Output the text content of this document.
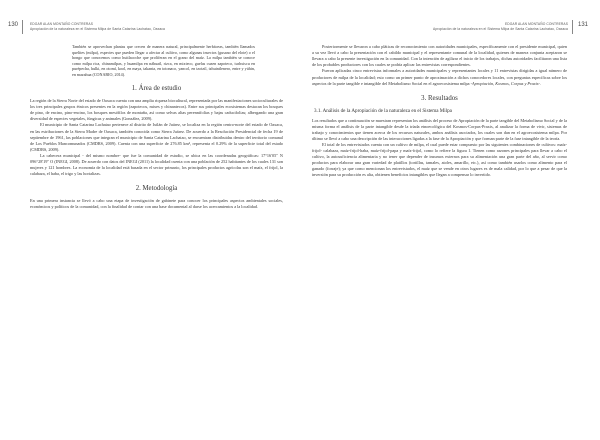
130	EDGAR ALAN MONTAÑO CONTRERAS
Apropiación de la naturaleza en el Sistema Milpa de Santa Catarina Lachatao, Oaxaca
También se aprovechan plantas que crecen de manera natural, principalmente herbáceas, también llamados quelites (milpa), especies que pueden llegar a afectar al cultivo, como algunas insectos (gusano del elote) o el hongo que conocemos como huitlacoche que proliferan en el grano del maíz. La milpa también se conoce como milpa rica, chinamilpas, y huamilpa en náhuatl, rizca, en mixteco, guelas cuzen zapoteco, turhxiscu en purépecha, hulki, en otomí, kool, en maya, takanta, en totonaco, yancol, en tzotzil, tzhuintlenero, entre y yühin, en mazahua (CONABIO, 2014).
1. Área de estudio
La región de la Sierra Norte del estado de Oaxaca cuenta con una amplia riqueza biocultural, representada por las manifestaciones socioculturales de los tres principales grupos étnicos presentes en la región (zapotecos, mixes y chinantecos). Entre sus principales ecosistemas destacan los bosques de pino, de encino, pino-encino, los bosques mesófilos de montaña, así como selvas altas perennifolias y bajas caducifolias; albergando una gran diversidad de especies vegetales, fúngicas y animales (González, 2009).
El municipio de Santa Catarina Lachatao pertenece al distrito de Ixtlán de Juárez, se localiza en la región centro-norte del estado de Oaxaca, en las estribaciones de la Sierra Madre de Oaxaca, también conocida como Sierra Juárez. De acuerdo a la Resolución Presidencial de fecha 19 de septiembre de 1961, las poblaciones que integran el municipio de Santa Catarina Lachatao, se encuentran distribuidas dentro del territorio comunal de Los Pueblos Mancomunados (CMDRS, 2009). Cuenta con una superficie de 276.85 km², representa el 0.29% de la superficie total del estado (CMDRS, 2009).
La cabecera municipal - del mismo nombre- que fue la comunidad de estudio, se ubica en las coordenadas geográficas: 17°16'05" N 096°28'19" O (INEGI, 2008). De acuerdo con datos del INEGI (2011) la localidad cuenta con una población de 252 habitantes de los cuales 131 son mujeres y 121 hombres. La economía de la localidad está basada en el sector primario, los principales productos agrícolas son el maíz, el frijol, la calabaza, el haba, el trigo y las hortalizas.
2. Metodología
En una primera instancia se llevó a cabo una etapa de investigación de gabinete para conocer los principales aspectos ambientales sociales, económicos y políticos de la comunidad, con la finalidad de contar con una base documental al darse los acercamientos a la localidad.
131
EDGAR ALAN MONTAÑO CONTRERAS
Apropiación de la naturaleza en el Sistema Milpa de Santa Catarina Lachatao, Oaxaca
Posteriormente se llevaron a cabo pláticas de reconocimiento con autoridades municipales, específicamente con el presidente municipal, quien a su vez llevó a cabo la presentación con el cabildo municipal y el representante comunal de la localidad, quienes de manera conjunta aceptaron se llevara a cabo la presente investigación en la comunidad. Con la intención de agilizar el inicio de los trabajos, dichas autoridades facilitaron una lista de los probables productores con los cuales se podría aplicar las entrevistas correspondientes.
Fueron aplicadas cinco entrevistas informales a autoridades municipales y representantes locales y 11 entrevistas dirigidas a igual número de productores de milpa de la localidad; esto como un primer punto de aproximación a dichos conocedores locales, con preguntas específicas sobre los aspectos de la parte tangible e intangible del Metabolismo Social en el agroecosistema milpa -Apropiación, Kosmos, Corpus y Praxis-.
3. Resultados
3.1. Análisis de la Apropiación de la naturaleza en el Sistema Milpa
Los resultados que a continuación se muestran representan los análisis del proceso de Apropiación de la parte tangible del Metabolismo Social y de la misma forma el análisis de la parte intangible desde la tríada etnoecológica del Kosmos-Corpus-Praxis, al analizar la forma de vivir, sistemas de trabajo y conocimientos que tienen acerca de los recursos naturales, ambos análisis asociados, los cuales son dan en el agroecosistema milpa. Por último se llevó a cabo una descripción de las interacciones ligadas a la fase de la Apropiación y que forman parte de la fase intangible de la teoría.
El total de los entrevistados cuenta con un cultivo de milpa, el cual puede estar compuesto por las siguientes combinaciones de cultivos: maíz-frijol- calabaza, maíz-frijol-haba, maíz-frijol-papa y maíz-frijol, como lo refiere la figura 1. Tienen como razones principales para llevar a cabo el cultivo, la autosuficiencia alimentaria y no tener que depender de insumos externos para su alimentación una gran parte del año, al servir como productos para elaborar una gran variedad de platillos (tortillas, tamales, atoles, amarillo, etc.), así como también usarlos como alimento para el ganado (forraje); ya que como mencionan los entrevistados, el maíz que se vende en otros lugares es de mala calidad, por lo que a pesar de que la inversión para su producción es alta, obtienen beneficios intangibles que llegan a compensar lo invertido.
